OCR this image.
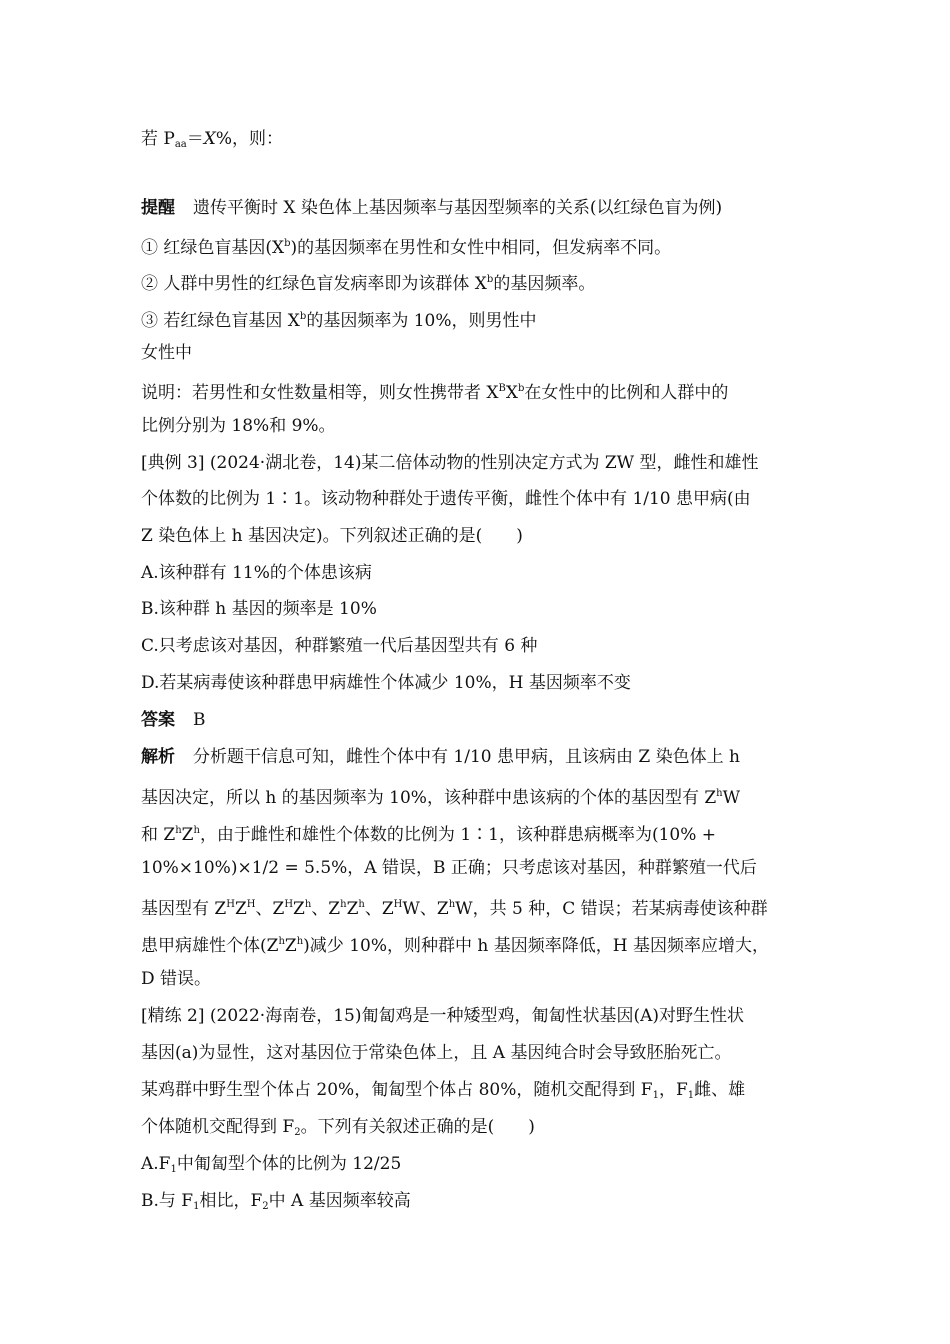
若 $P_{aa}=X\%$，则：
提醒 遗传平衡时 X 染色体上基因频率与基因型频率的关系(以红绿色盲为例)
① 红绿色盲基因$(X^b)$的基因频率在男性和女性中相同，但发病率不同。
② 人群中男性的红绿色盲发病率即为该群体 $X^b$的基因频率。
③ 若红绿色盲基因 $X^b$的基因频率为 10%，则男性中
女性中
说明：若男性和女性数量相等，则女性携带者 $X^BX^b$在女性中的比例和人群中的
比例分别为 18%和 9%。
[典例 3] (2024·湖北卷，14)某二倍体动物的性别决定方式为 ZW 型，雌性和雄性
个体数的比例为 1∶1。该动物种群处于遗传平衡，雌性个体中有 1/10 患甲病(由
Z 染色体上 h 基因决定)。下列叙述正确的是(　　)
A.该种群有 11%的个体患该病
B.该种群 h 基因的频率是 10%
C.只考虑该对基因，种群繁殖一代后基因型共有 6 种
D.若某病毒使该种群患甲病雄性个体减少 10%，H 基因频率不变
答案 B
解析 分析题干信息可知，雌性个体中有 1/10 患甲病，且该病由 Z 染色体上 h
基因决定，所以 h 的基因频率为 10%，该种群中患该病的个体的基因型有 $Z^hW$
和 $Z^hZ^h$，由于雌性和雄性个体数的比例为 1∶1，该种群患病概率为(10% +
10%×10%)×1/2 = 5.5%，A 错误，B 正确；只考虑该对基因，种群繁殖一代后
基因型有 $Z^HZ^H$、$Z^HZ^h$、$Z^hZ^h$、$Z^HW$、$Z^hW$，共 5 种，C 错误；若某病毒使该种群
患甲病雄性个体$(Z^hZ^h)$减少 10%，则种群中 h 基因频率降低，H 基因频率应增大，
D 错误。
[精练 2] (2022·海南卷，15)匍匐鸡是一种矮型鸡，匍匐性状基因(A)对野生性状
基因(a)为显性，这对基因位于常染色体上，且 A 基因纯合时会导致胚胎死亡。
某鸡群中野生型个体占 20%，匍匐型个体占 80%，随机交配得到 $F_1$，$F_1$雌、雄
个体随机交配得到 $F_2$。下列有关叙述正确的是(　　)
$A.F_1$中匍匐型个体的比例为 12/25
B.与 $F_1$相比，$F_2$中 A 基因频率较高
